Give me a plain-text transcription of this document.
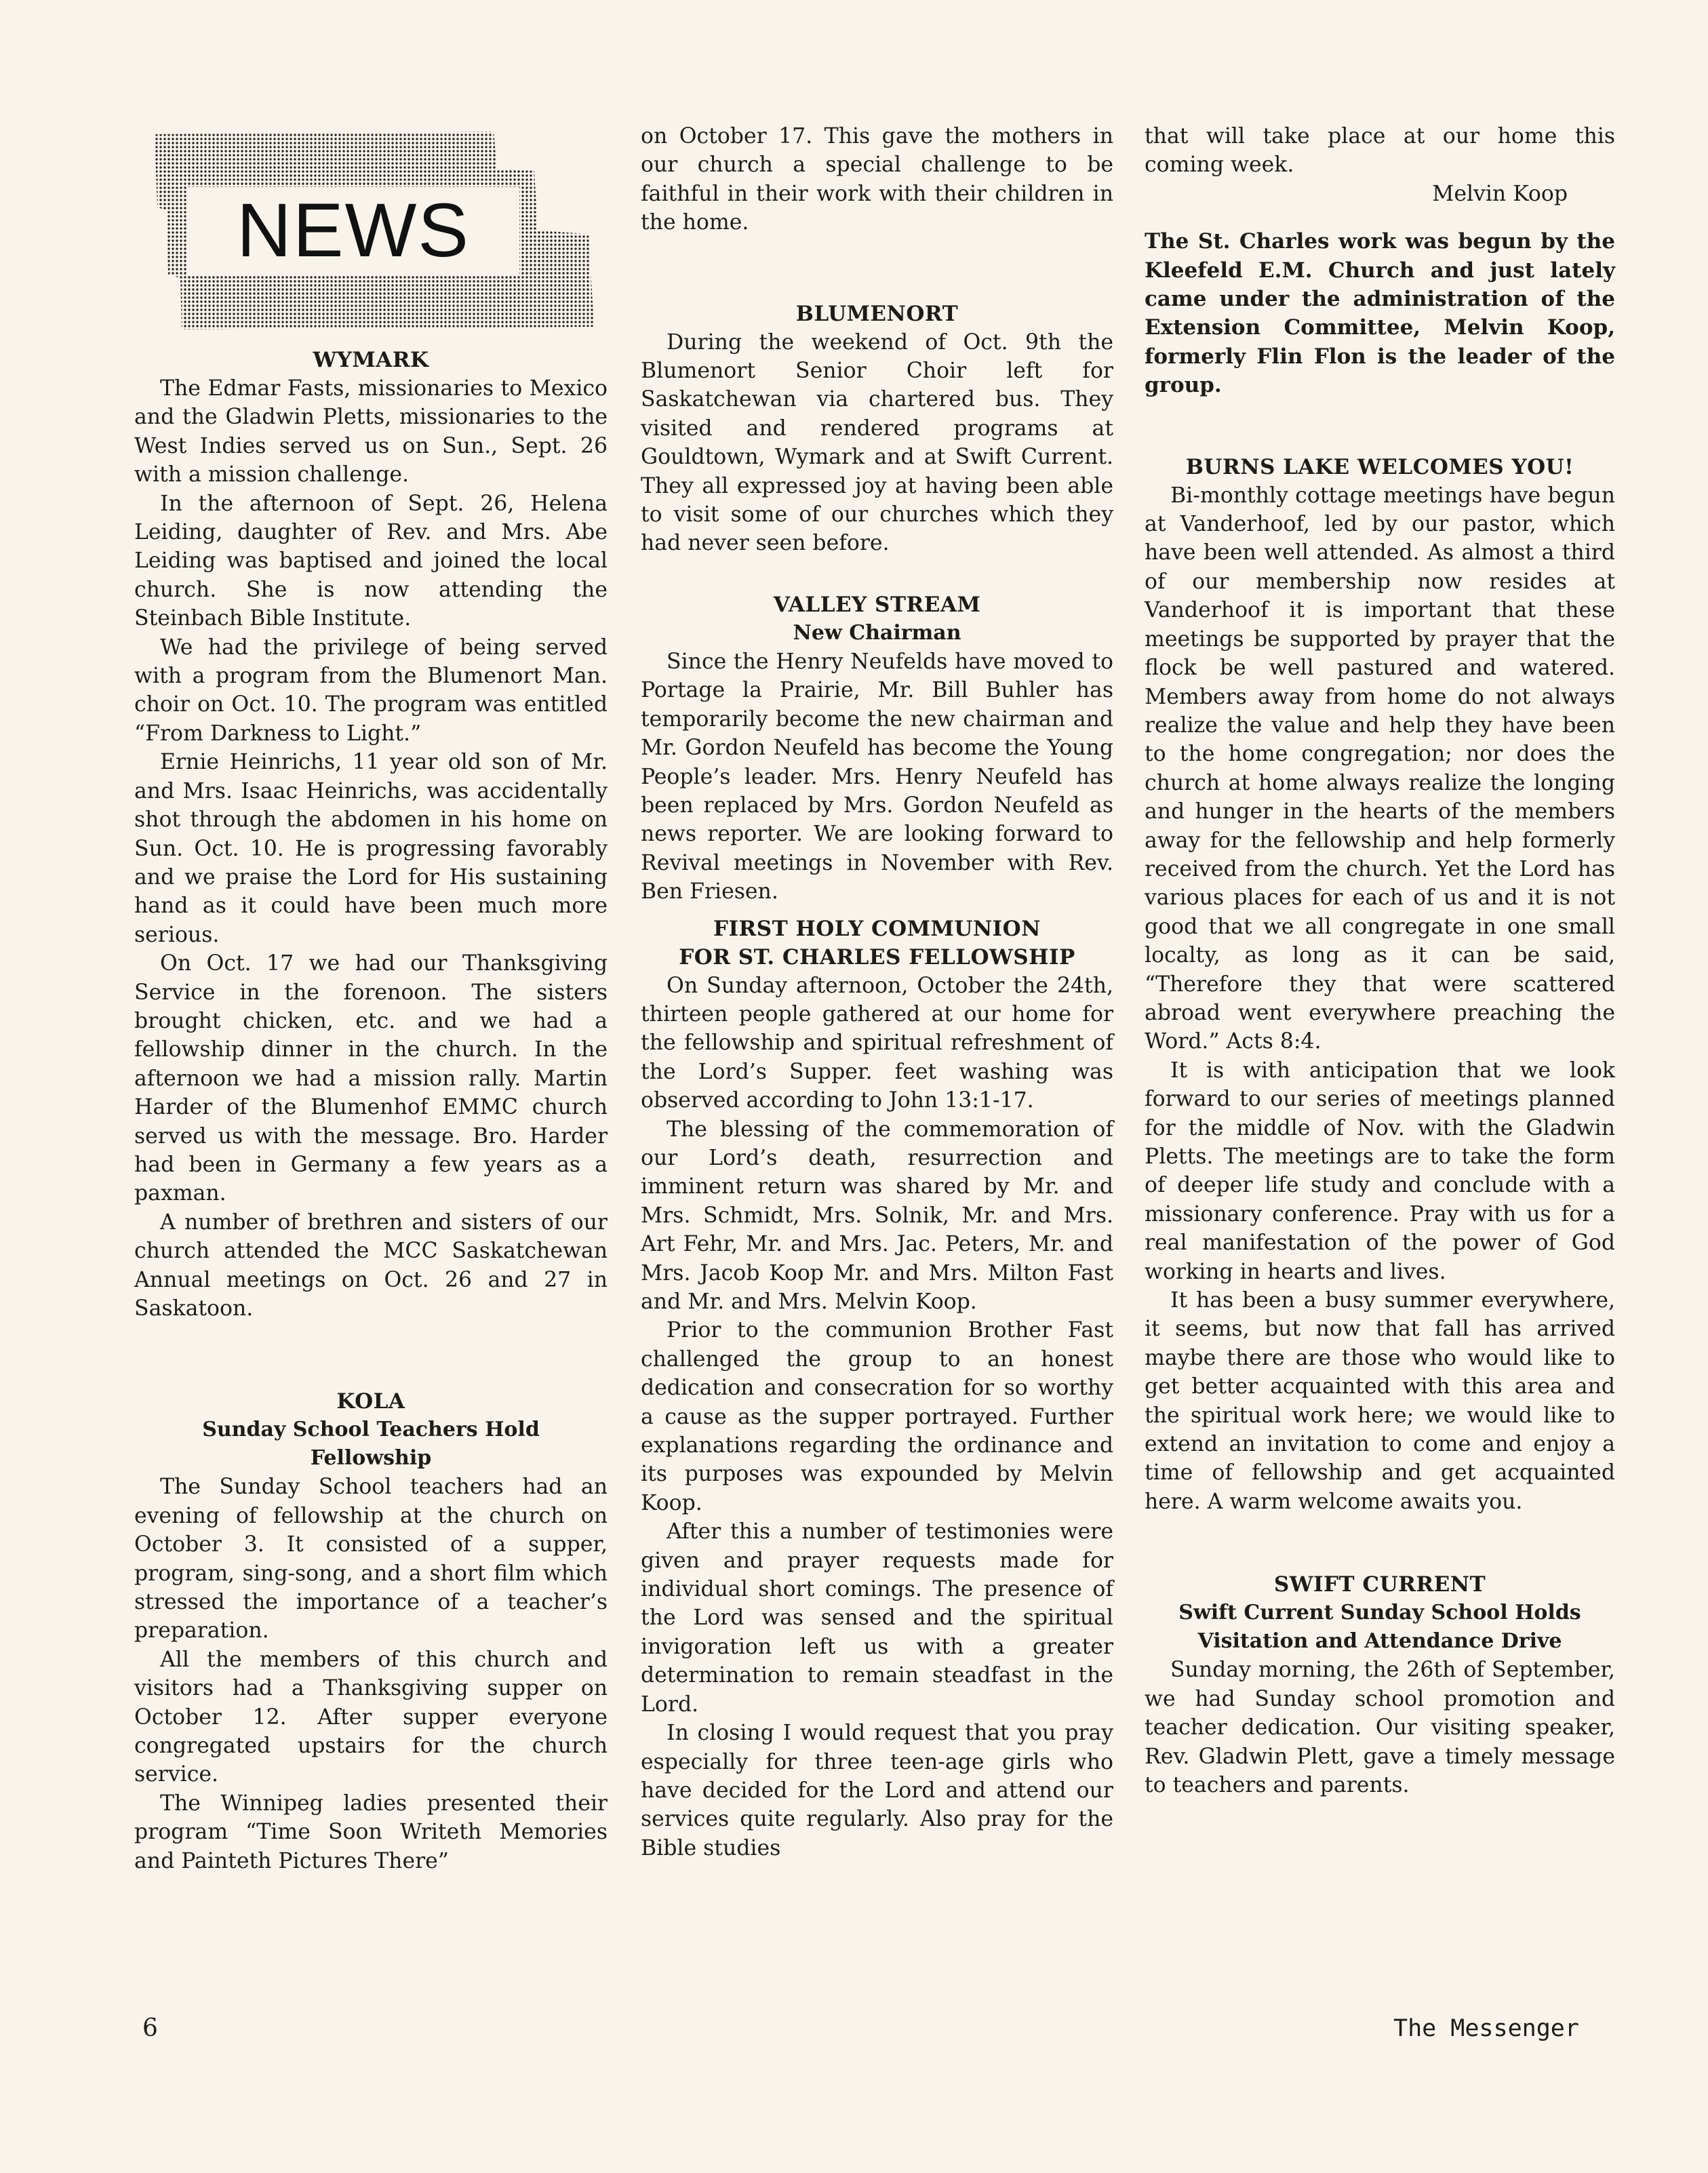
NEWS
WYMARK

The Edmar Fasts, missionaries to Mexico and the Gladwin Pletts, missionaries to the West Indies served us on Sun., Sept. 26 with a mission challenge.

In the afternoon of Sept. 26, Helena Leiding, daughter of Rev. and Mrs. Abe Leiding was baptised and joined the local church. She is now attending the Steinbach Bible Institute.

We had the privilege of being served with a program from the Blumenort Man. choir on Oct. 10. The program was entitled “From Darkness to Light.”

Ernie Heinrichs, 11 year old son of Mr. and Mrs. Isaac Heinrichs, was accidentally shot through the abdomen in his home on Sun. Oct. 10. He is progressing favorably and we praise the Lord for His sustaining hand as it could have been much more serious.

On Oct. 17 we had our Thanksgiving Service in the forenoon. The sisters brought chicken, etc. and we had a fellowship dinner in the church. In the afternoon we had a mission rally. Martin Harder of the Blumenhof EMMC church served us with the message. Bro. Harder had been in Germany a few years as a paxman.

A number of brethren and sisters of our church attended the MCC Saskatchewan Annual meetings on Oct. 26 and 27 in Saskatoon.

KOLA
Sunday School Teachers Hold Fellowship

The Sunday School teachers had an evening of fellowship at the church on October 3. It consisted of a supper, program, sing-song, and a short film which stressed the importance of a teacher’s preparation.

All the members of this church and visitors had a Thanksgiving supper on October 12. After supper everyone congregated upstairs for the church service.

The Winnipeg ladies presented their program “Time Soon Writeth Memories and Painteth Pictures There”

on October 17. This gave the mothers in our church a special challenge to be faithful in their work with their children in the home.

BLUMENORT

During the weekend of Oct. 9th the Blumenort Senior Choir left for Saskatchewan via chartered bus. They visited and rendered programs at Gouldtown, Wymark and at Swift Current. They all expressed joy at having been able to visit some of our churches which they had never seen before.

VALLEY STREAM
New Chairman

Since the Henry Neufelds have moved to Portage la Prairie, Mr. Bill Buhler has temporarily become the new chairman and Mr. Gordon Neufeld has become the Young People’s leader. Mrs. Henry Neufeld has been replaced by Mrs. Gordon Neufeld as news reporter. We are looking forward to Revival meetings in November with Rev. Ben Friesen.

FIRST HOLY COMMUNION
FOR ST. CHARLES FELLOWSHIP

On Sunday afternoon, October the 24th, thirteen people gathered at our home for the fellowship and spiritual refreshment of the Lord’s Supper. feet washing was observed according to John 13:1-17.

The blessing of the commemoration of our Lord’s death, resurrection and imminent return was shared by Mr. and Mrs. Schmidt, Mrs. Solnik, Mr. and Mrs. Art Fehr, Mr. and Mrs. Jac. Peters, Mr. and Mrs. Jacob Koop Mr. and Mrs. Milton Fast and Mr. and Mrs. Melvin Koop.

Prior to the communion Brother Fast challenged the group to an honest dedication and consecration for so worthy a cause as the supper portrayed. Further explanations regarding the ordinance and its purposes was expounded by Melvin Koop.

After this a number of testimonies were given and prayer requests made for individual short comings. The presence of the Lord was sensed and the spiritual invigoration left us with a greater determination to remain steadfast in the Lord.

In closing I would request that you pray especially for three teen-age girls who have decided for the Lord and attend our services quite regularly. Also pray for the Bible studies

that will take place at our home this coming week.

Melvin Koop

The St. Charles work was begun by the Kleefeld E.M. Church and just lately came under the administration of the Extension Committee, Melvin Koop, formerly Flin Flon is the leader of the group.

BURNS LAKE WELCOMES YOU!

Bi-monthly cottage meetings have begun at Vanderhoof, led by our pastor, which have been well attended. As almost a third of our membership now resides at Vanderhoof it is important that these meetings be supported by prayer that the flock be well pastured and watered. Members away from home do not always realize the value and help they have been to the home congregation; nor does the church at home always realize the longing and hunger in the hearts of the members away for the fellowship and help formerly received from the church. Yet the Lord has various places for each of us and it is not good that we all congregate in one small localty, as long as it can be said, “Therefore they that were scattered abroad went everywhere preaching the Word.” Acts 8:4.

It is with anticipation that we look forward to our series of meetings planned for the middle of Nov. with the Gladwin Pletts. The meetings are to take the form of deeper life study and conclude with a missionary conference. Pray with us for a real manifestation of the power of God working in hearts and lives.

It has been a busy summer everywhere, it seems, but now that fall has arrived maybe there are those who would like to get better acquainted with this area and the spiritual work here; we would like to extend an invitation to come and enjoy a time of fellowship and get acquainted here. A warm welcome awaits you.

SWIFT CURRENT
Swift Current Sunday School Holds Visitation and Attendance Drive

Sunday morning, the 26th of September, we had Sunday school promotion and teacher dedication. Our visiting speaker, Rev. Gladwin Plett, gave a timely message to teachers and parents.

6	The Messenger
